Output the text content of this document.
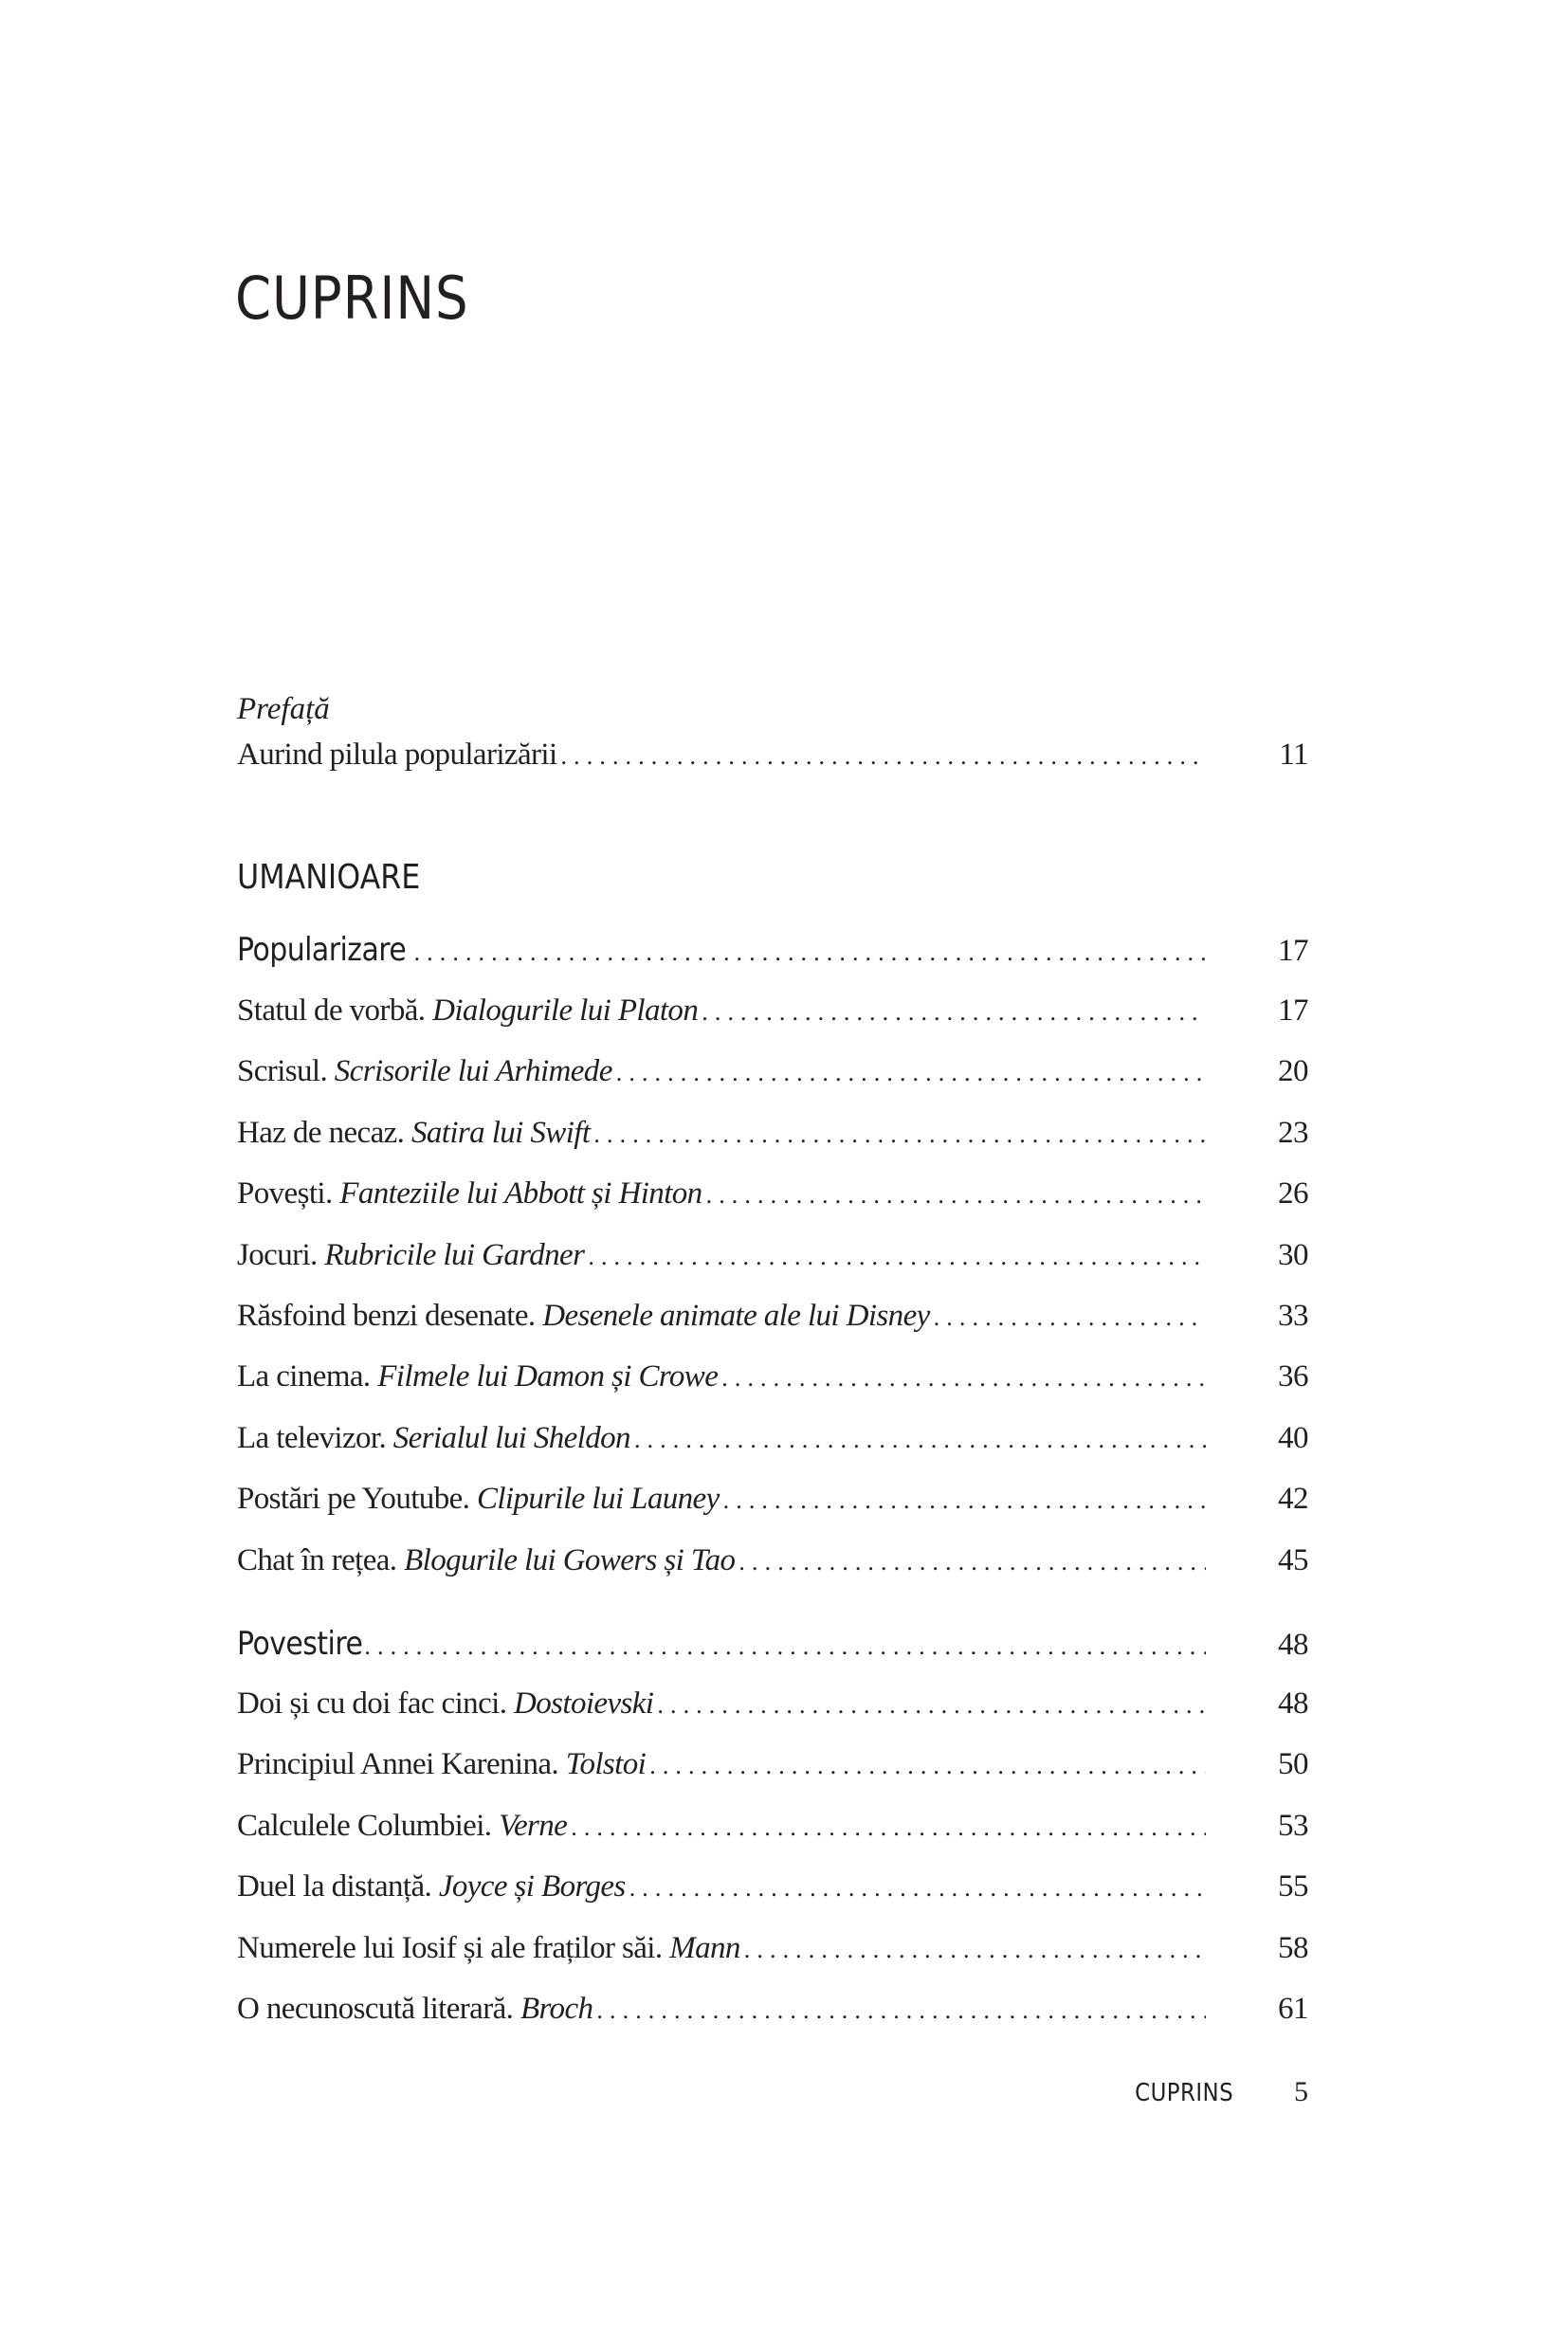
CUPRINS
Prefață
Aurind pilula popularizării . . .	11
UMANIOARE
Popularizare . . .	17
Statul de vorbă. Dialogurile lui Platon . . .	17
Scrisul. Scrisorile lui Arhimede . . .	20
Haz de necaz. Satira lui Swift . . .	23
Povești. Fanteziile lui Abbott și Hinton . . .	26
Jocuri. Rubricile lui Gardner . . .	30
Răsfoind benzi desenate. Desenele animate ale lui Disney . . .	33
La cinema. Filmele lui Damon și Crowe . . .	36
La televizor. Serialul lui Sheldon . . .	40
Postări pe Youtube. Clipurile lui Launey . . .	42
Chat în rețea. Blogurile lui Gowers și Tao . . .	45
Povestire . . .	48
Doi și cu doi fac cinci. Dostoievski . . .	48
Principiul Annei Karenina. Tolstoi . . .	50
Calculele Columbiei. Verne . . .	53
Duel la distanță. Joyce și Borges . . .	55
Numerele lui Iosif și ale fraților săi. Mann . . .	58
O necunoscută literară. Broch . . .	61
CUPRINS 5
